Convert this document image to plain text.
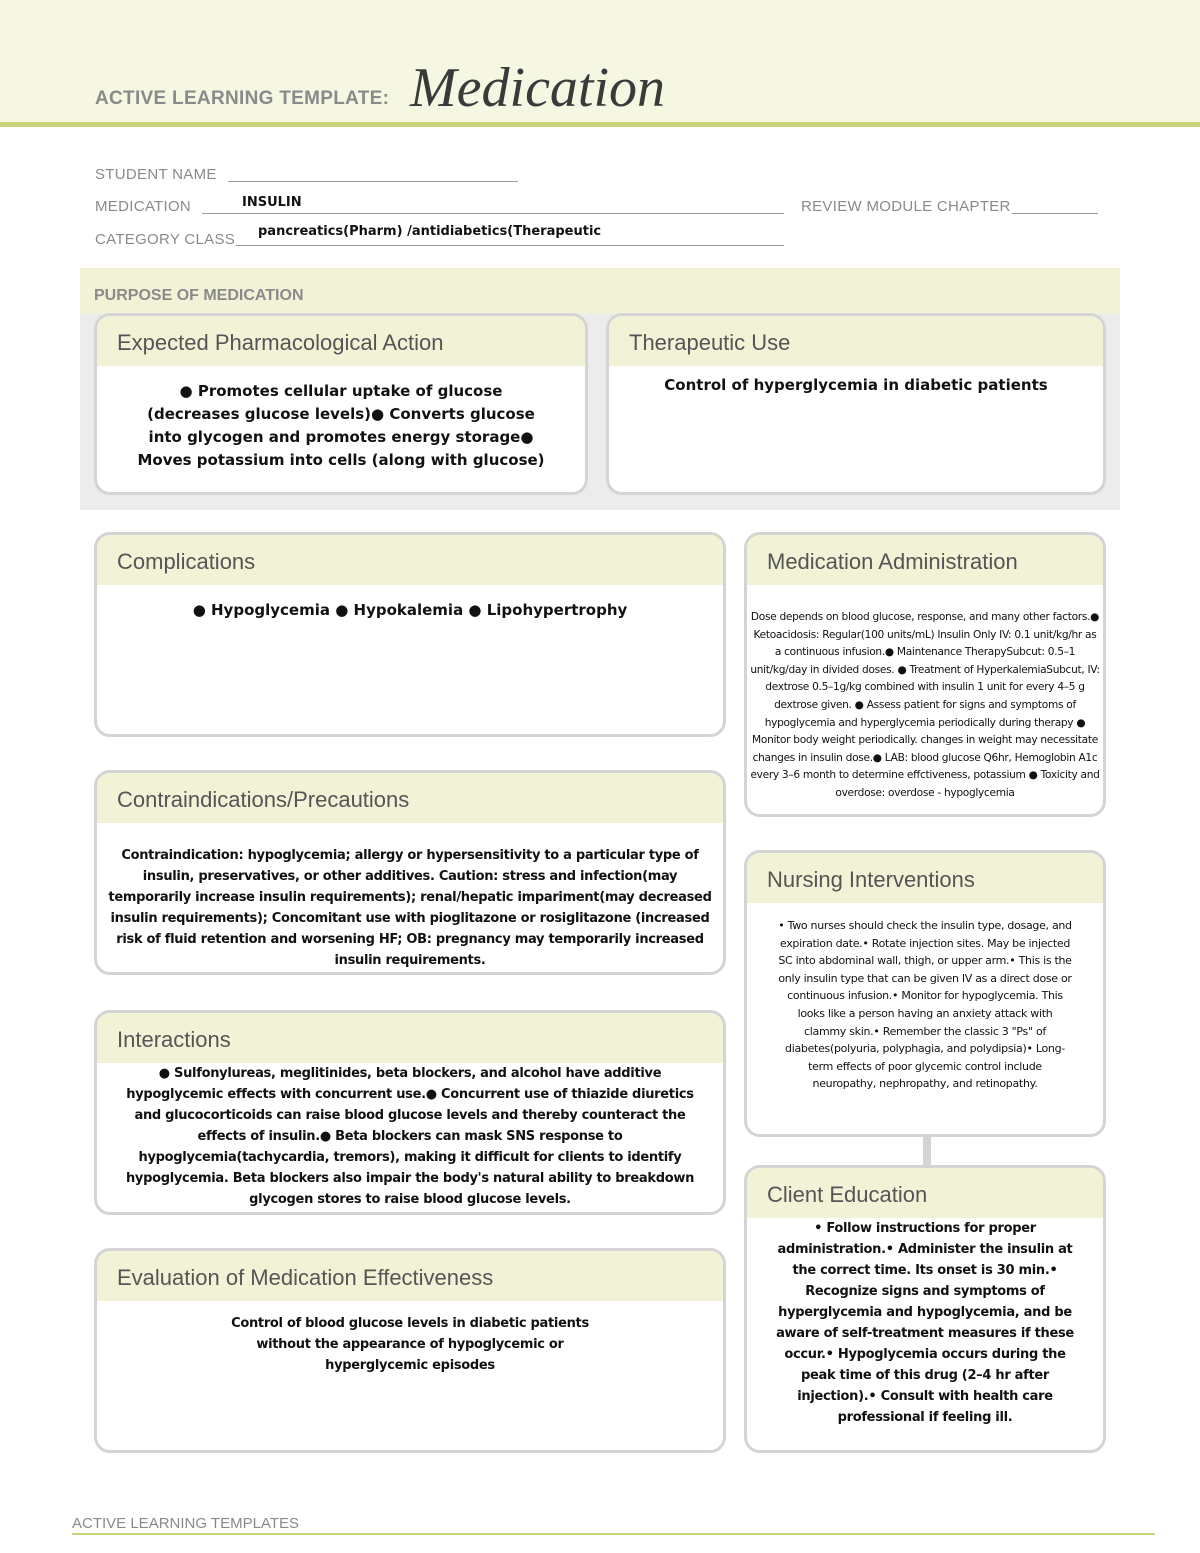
ACTIVE LEARNING TEMPLATE: Medication
STUDENT NAME
MEDICATION	INSULIN	REVIEW MODULE CHAPTER
CATEGORY CLASS pancreatics(Pharm) /antidiabetics(Therapeutic
PURPOSE OF MEDICATION
Expected Pharmacological Action
● Promotes cellular uptake of glucose (decreases glucose levels)● Converts glucose into glycogen and promotes energy storage● Moves potassium into cells (along with glucose)
Therapeutic Use
Control of hyperglycemia in diabetic patients
Complications
● Hypoglycemia ● Hypokalemia ● Lipohypertrophy
Contraindications/Precautions
Contraindication: hypoglycemia; allergy or hypersensitivity to a particular type of insulin, preservatives, or other additives. Caution: stress and infection(may temporarily increase insulin requirements); renal/hepatic impariment(may decreased insulin requirements); Concomitant use with pioglitazone or rosiglitazone (increased risk of fluid retention and worsening HF; OB: pregnancy may temporarily increased insulin requirements.
Interactions
● Sulfonylureas, meglitinides, beta blockers, and alcohol have additive hypoglycemic effects with concurrent use.● Concurrent use of thiazide diuretics and glucocorticoids can raise blood glucose levels and thereby counteract the effects of insulin.● Beta blockers can mask SNS response to hypoglycemia(tachycardia, tremors), making it difficult for clients to identify hypoglycemia. Beta blockers also impair the body's natural ability to breakdown glycogen stores to raise blood glucose levels.
Evaluation of Medication Effectiveness
Control of blood glucose levels in diabetic patients without the appearance of hypoglycemic or hyperglycemic episodes
Medication Administration
Dose depends on blood glucose, response, and many other factors.● Ketoacidosis: Regular(100 units/mL) Insulin Only IV: 0.1 unit/kg/hr as a continuous infusion.● Maintenance TherapySubcut: 0.5–1 unit/kg/day in divided doses. ● Treatment of HyperkalemiaSubcut, IV: dextrose 0.5–1g/kg combined with insulin 1 unit for every 4–5 g dextrose given. ● Assess patient for signs and symptoms of hypoglycemia and hyperglycemia periodically during therapy ● Monitor body weight periodically. changes in weight may necessitate changes in insulin dose.● LAB: blood glucose Q6hr, Hemoglobin A1c every 3–6 month to determine effctiveness, potassium ● Toxicity and overdose: overdose - hypoglycemia
Nursing Interventions
• Two nurses should check the insulin type, dosage, and expiration date.• Rotate injection sites. May be injected SC into abdominal wall, thigh, or upper arm.• This is the only insulin type that can be given IV as a direct dose or continuous infusion.• Monitor for hypoglycemia. This looks like a person having an anxiety attack with clammy skin.• Remember the classic 3 "Ps" of diabetes(polyuria, polyphagia, and polydipsia)• Long-term effects of poor glycemic control include neuropathy, nephropathy, and retinopathy.
Client Education
• Follow instructions for proper administration.• Administer the insulin at the correct time. Its onset is 30 min.• Recognize signs and symptoms of hyperglycemia and hypoglycemia, and be aware of self-treatment measures if these occur.• Hypoglycemia occurs during the peak time of this drug (2–4 hr after injection).• Consult with health care professional if feeling ill.
ACTIVE LEARNING TEMPLATES
